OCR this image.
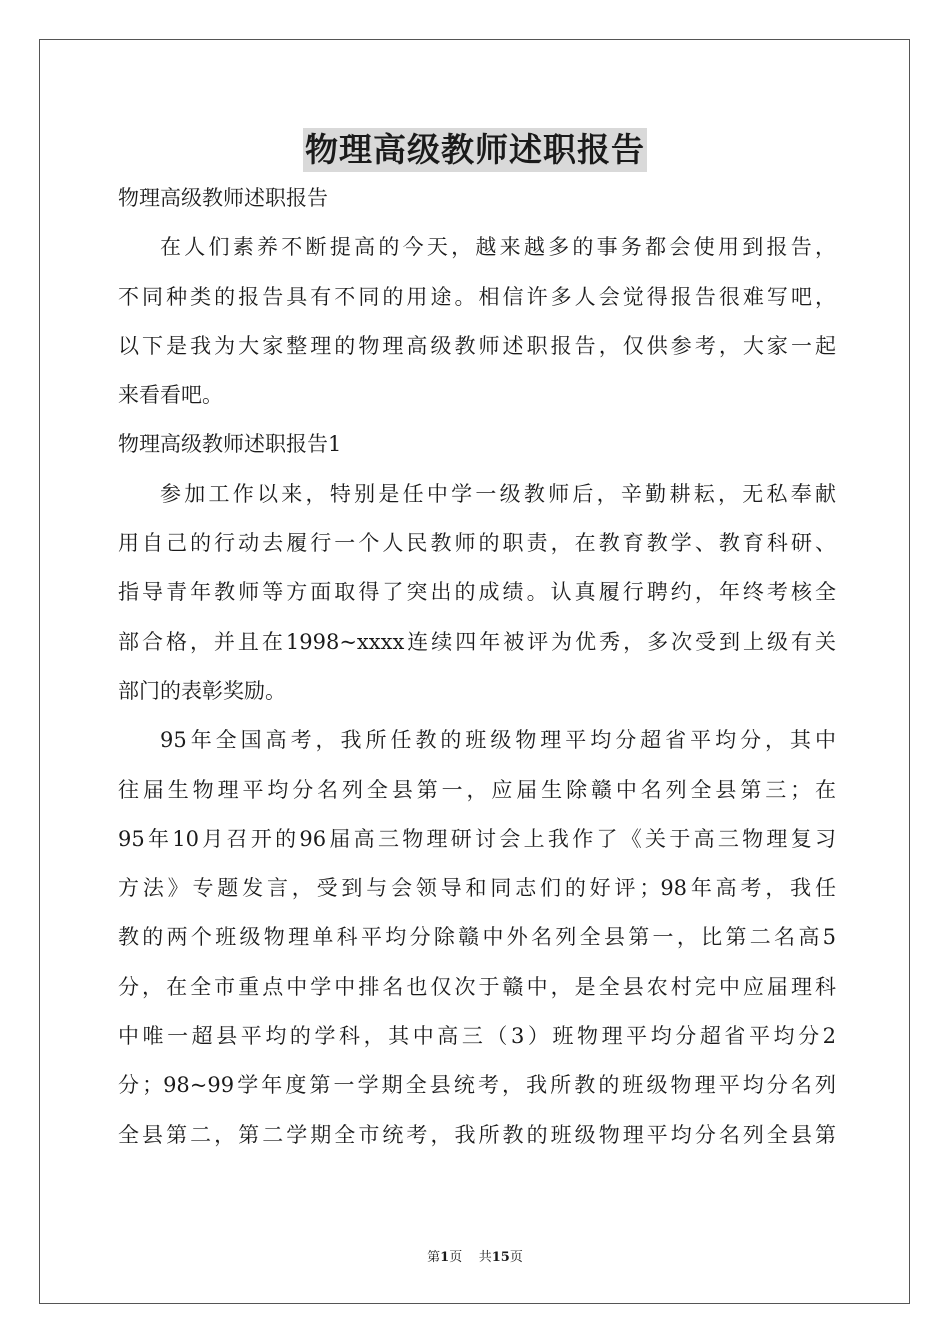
物理高级教师述职报告
物理高级教师述职报告
在人们素养不断提高的今天，越来越多的事务都会使用到报告，
不同种类的报告具有不同的用途。相信许多人会觉得报告很难写吧，
以下是我为大家整理的物理高级教师述职报告，仅供参考，大家一起
来看看吧。
物理高级教师述职报告1
参加工作以来，特别是任中学一级教师后，辛勤耕耘，无私奉献
用自己的行动去履行一个人民教师的职责，在教育教学、教育科研、
指导青年教师等方面取得了突出的成绩。认真履行聘约，年终考核全
部合格，并且在1998~xxxx连续四年被评为优秀，多次受到上级有关
部门的表彰奖励。
95年全国高考，我所任教的班级物理平均分超省平均分，其中
往届生物理平均分名列全县第一，应届生除赣中名列全县第三；在
95年10月召开的96届高三物理研讨会上我作了《关于高三物理复习
方法》专题发言，受到与会领导和同志们的好评；98年高考，我任
教的两个班级物理单科平均分除赣中外名列全县第一，比第二名高5
分，在全市重点中学中排名也仅次于赣中，是全县农村完中应届理科
中唯一超县平均的学科，其中高三（3）班物理平均分超省平均分2
分；98~99学年度第一学期全县统考，我所教的班级物理平均分名列
全县第二，第二学期全市统考，我所教的班级物理平均分名列全县第
第1页 共15页
